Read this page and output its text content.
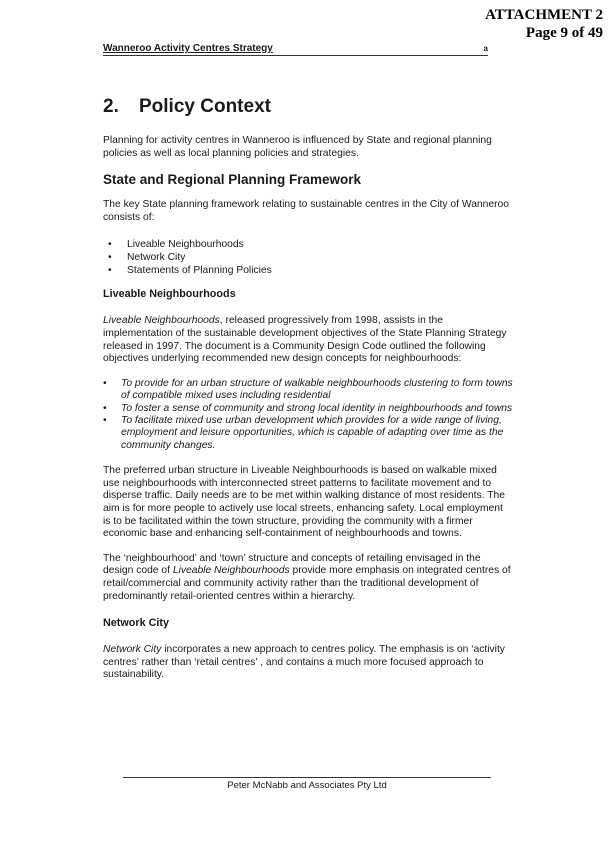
ATTACHMENT 2
Page 9 of 49
Wanneroo Activity Centres Strategy	a
2. Policy Context

Planning for activity centres in Wanneroo is influenced by State and regional planning policies as well as local planning policies and strategies.

State and Regional Planning Framework

The key State planning framework relating to sustainable centres in the City of Wanneroo consists of:

• Liveable Neighbourhoods
• Network City
• Statements of Planning Policies
Liveable Neighbourhoods

Liveable Neighbourhoods, released progressively from 1998, assists in the implementation of the sustainable development objectives of the State Planning Strategy released in 1997. The document is a Community Design Code outlined the following objectives underlying recommended new design concepts for neighbourhoods:

• To provide for an urban structure of walkable neighbourhoods clustering to form towns of compatible mixed uses including residential
• To foster a sense of community and strong local identity in neighbourhoods and towns
• To facilitate mixed use urban development which provides for a wide range of living, employment and leisure opportunities, which is capable of adapting over time as the community changes.

The preferred urban structure in Liveable Neighbourhoods is based on walkable mixed use neighbourhoods with interconnected street patterns to facilitate movement and to disperse traffic. Daily needs are to be met within walking distance of most residents. The aim is for more people to actively use local streets, enhancing safety. Local employment is to be facilitated within the town structure, providing the community with a firmer economic base and enhancing self-containment of neighbourhoods and towns.

The ‘neighbourhood’ and ‘town’ structure and concepts of retailing envisaged in the design code of Liveable Neighbourhoods provide more emphasis on integrated centres of retail/commercial and community activity rather than the traditional development of predominantly retail-oriented centres within a hierarchy.

Network City

Network City incorporates a new approach to centres policy. The emphasis is on ‘activity centres’ rather than ‘retail centres’ , and contains a much more focused approach to sustainability.

Peter McNabb and Associates Pty Ltd
